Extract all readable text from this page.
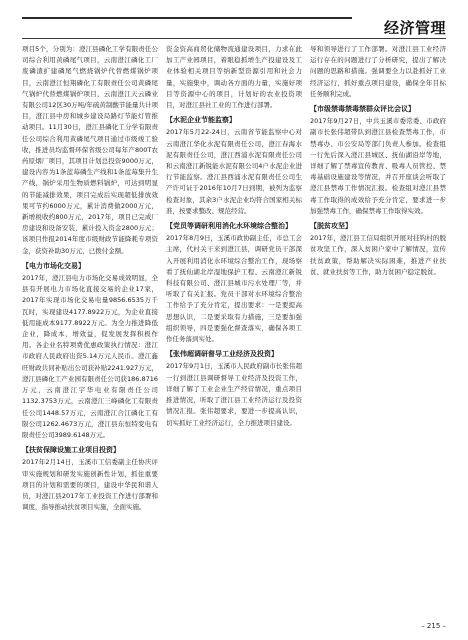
经济管理

项目5个，分别为：澄江县磷化工学有限责任公司综合利用黄磷尾气项目，云南澄江磷化工厂废磷渣扩建磷尾气燃烧锅炉代替燃煤锅炉项目，云南澄江恒翔磷化工有限责任公司黄磷尾气锅炉代替燃煤锅炉项目，云南澄江天云磷业有限公司12区30万吨/年硫黄制酸节能量共计项目，澄江县中房和城乡建设局路灯节能灯管推动项目。11月30日，澄江县磷化工分学有限责任公司综合利用黄磷尾气项目通过市级竣工验收，推进员均监督环保省级公司每年产800T农药原烟厂项目，其项目计划总投资9000万元，建设内容为1条蓝莓磷生产线和1条蓝莓集升生产线，锅炉采用生物质燃料锅炉，可达到明显的节能减排效果，项目完成后实现超低排放效果可节约6000万元，累计消费做2000万元，新增税收约800万元，2017年，项目已完成厂房建设和设备安装，累计投入资金2800万元；该项目作报2014年度市级财政节能降耗专项资金，获资补助30万元，已拨付金额。

【电力市场化交易】

2017年，澄江县电力市场化交易成效明显，全县有开展电力市场化直接交易的企业17家，2017年实现市场化交易电量9856.6535万千瓦时，实现建设4177.8922万元，为企业直接低用能成本9177.8922万元。为全力推进降低企业，降成本，增效益，促发展发挥积极作用。各企业名特项费优惠政策执行情况：澄江市政府人民政府出资5.14万元人民币。澄江鑫旺财政共同补贴出公司获补贴2241.927万元，澄江县磷化工产业园有限责任公司获186.8716万元，云南澄江宇华电业有限责任公司1132.3753万元，云南澄江三峰磷化工有限责任公司1448.57万元，云南澄江合江磷化工有限公司1262.4673万元，澄江县东恒特变电有限责任公司3989.6148万元。

【扶贫保障设施工业项目投资】

2017年2月14日，玉溪市工信委副主任协庆评审实施规划和研发实施创新性计划，抓住重要项目的计划和需要的项目，建设中华民和谐人员，对澄江县2017年工业投资工作进行部署和调度，指导推动扶贫项目实施，全面实施。

资金资高商贸化储物流通建设项目，力求在此加工产业园项目，着眼稳抓增生产投建设及工业体验相关项目等纳新型资源引用和社会力量，实施集中，调动各方面的力量，实施好项目等资源中心的项目，计划好的农业投资项目，对澄江县社工业的工作进行部署。

【水泥企业节能监察】

2017年5月22-24日，云南省节能监察中心对云南澄江华化水泥有限责任公司，澄江春海水泥有限责任公司，澄江西浦水泥有限责任公司和云南澄江新锐能水泥有限公司4户水泥企业进行节能监察。澄江县西浦水泥有限责任公司生产许可证于2016年10月7日到期，被列为监察检查对象，其余3户水泥企业均符合国家相关标准，按要求整改、规范经营。

【党员等调研利用消化水环境综合整治】

2017年8月9日，玉溪市政协副主任，市总工会主席，代村关干来到澄江县，调研党员干部深入开展利用消化水环境综合整治工作，现场察看了抚仙湖北岸湿地保护工程、云南澄江新锐科技有限公司、澄江县城市污水处理厂等，并听取了有关汇报。党员干部对水环境综合整治工作给予了充分肯定，提出要求：一是要提高思想认识，二是要采取有力措施，三是要加强组织领导，四是要强化督查落实，确保各项工作任务落到实处。

【张伟超调研督导工业经济及投资】

2017年9月1日，玉溪市人民政府副市长张伟超一行到澄江县调研督导工业经济及投资工作，详细了解了工业企业生产经营情况，重点项目推进情况，听取了澄江县工业经济运行及投资情况汇报。张伟超要求，要进一步提高认识，切实抓好工业经济运行，全力推进项目建设。

导和领导进行了工作部署。对澄江县工业经济运行存在的问题进行了分析研究，提出了解决问题的思路和措施。强调要全力以赴抓好工业经济运行，抓好重点项目建设，确保全年目标任务顺利完成。

【市级禁毒禁毒禁群众评比会议】

2017年9月27日，中共玉溪市委常委、市政府副市长张伟超带队到澄江县检查禁毒工作，市禁毒办、市公安局等部门负责人参加。检查组一行先后深入澄江县城区、抚仙湖沿岸等地，详细了解了禁毒宣传教育、吸毒人员管控、禁毒基础设施建设等情况，并召开座谈会听取了澄江县禁毒工作情况汇报。检查组对澄江县禁毒工作取得的成效给予充分肯定，要求进一步加强禁毒工作，确保禁毒工作取得实效。

【脱贫攻坚】

2017年，澄江县工信局组织开展对挂钩村的脱贫攻坚工作，深入贫困户家中了解情况，宣传扶贫政策，帮助解决实际困难，推进产业扶贫、就业扶贫等工作，助力贫困户稳定脱贫。

– 215 –
